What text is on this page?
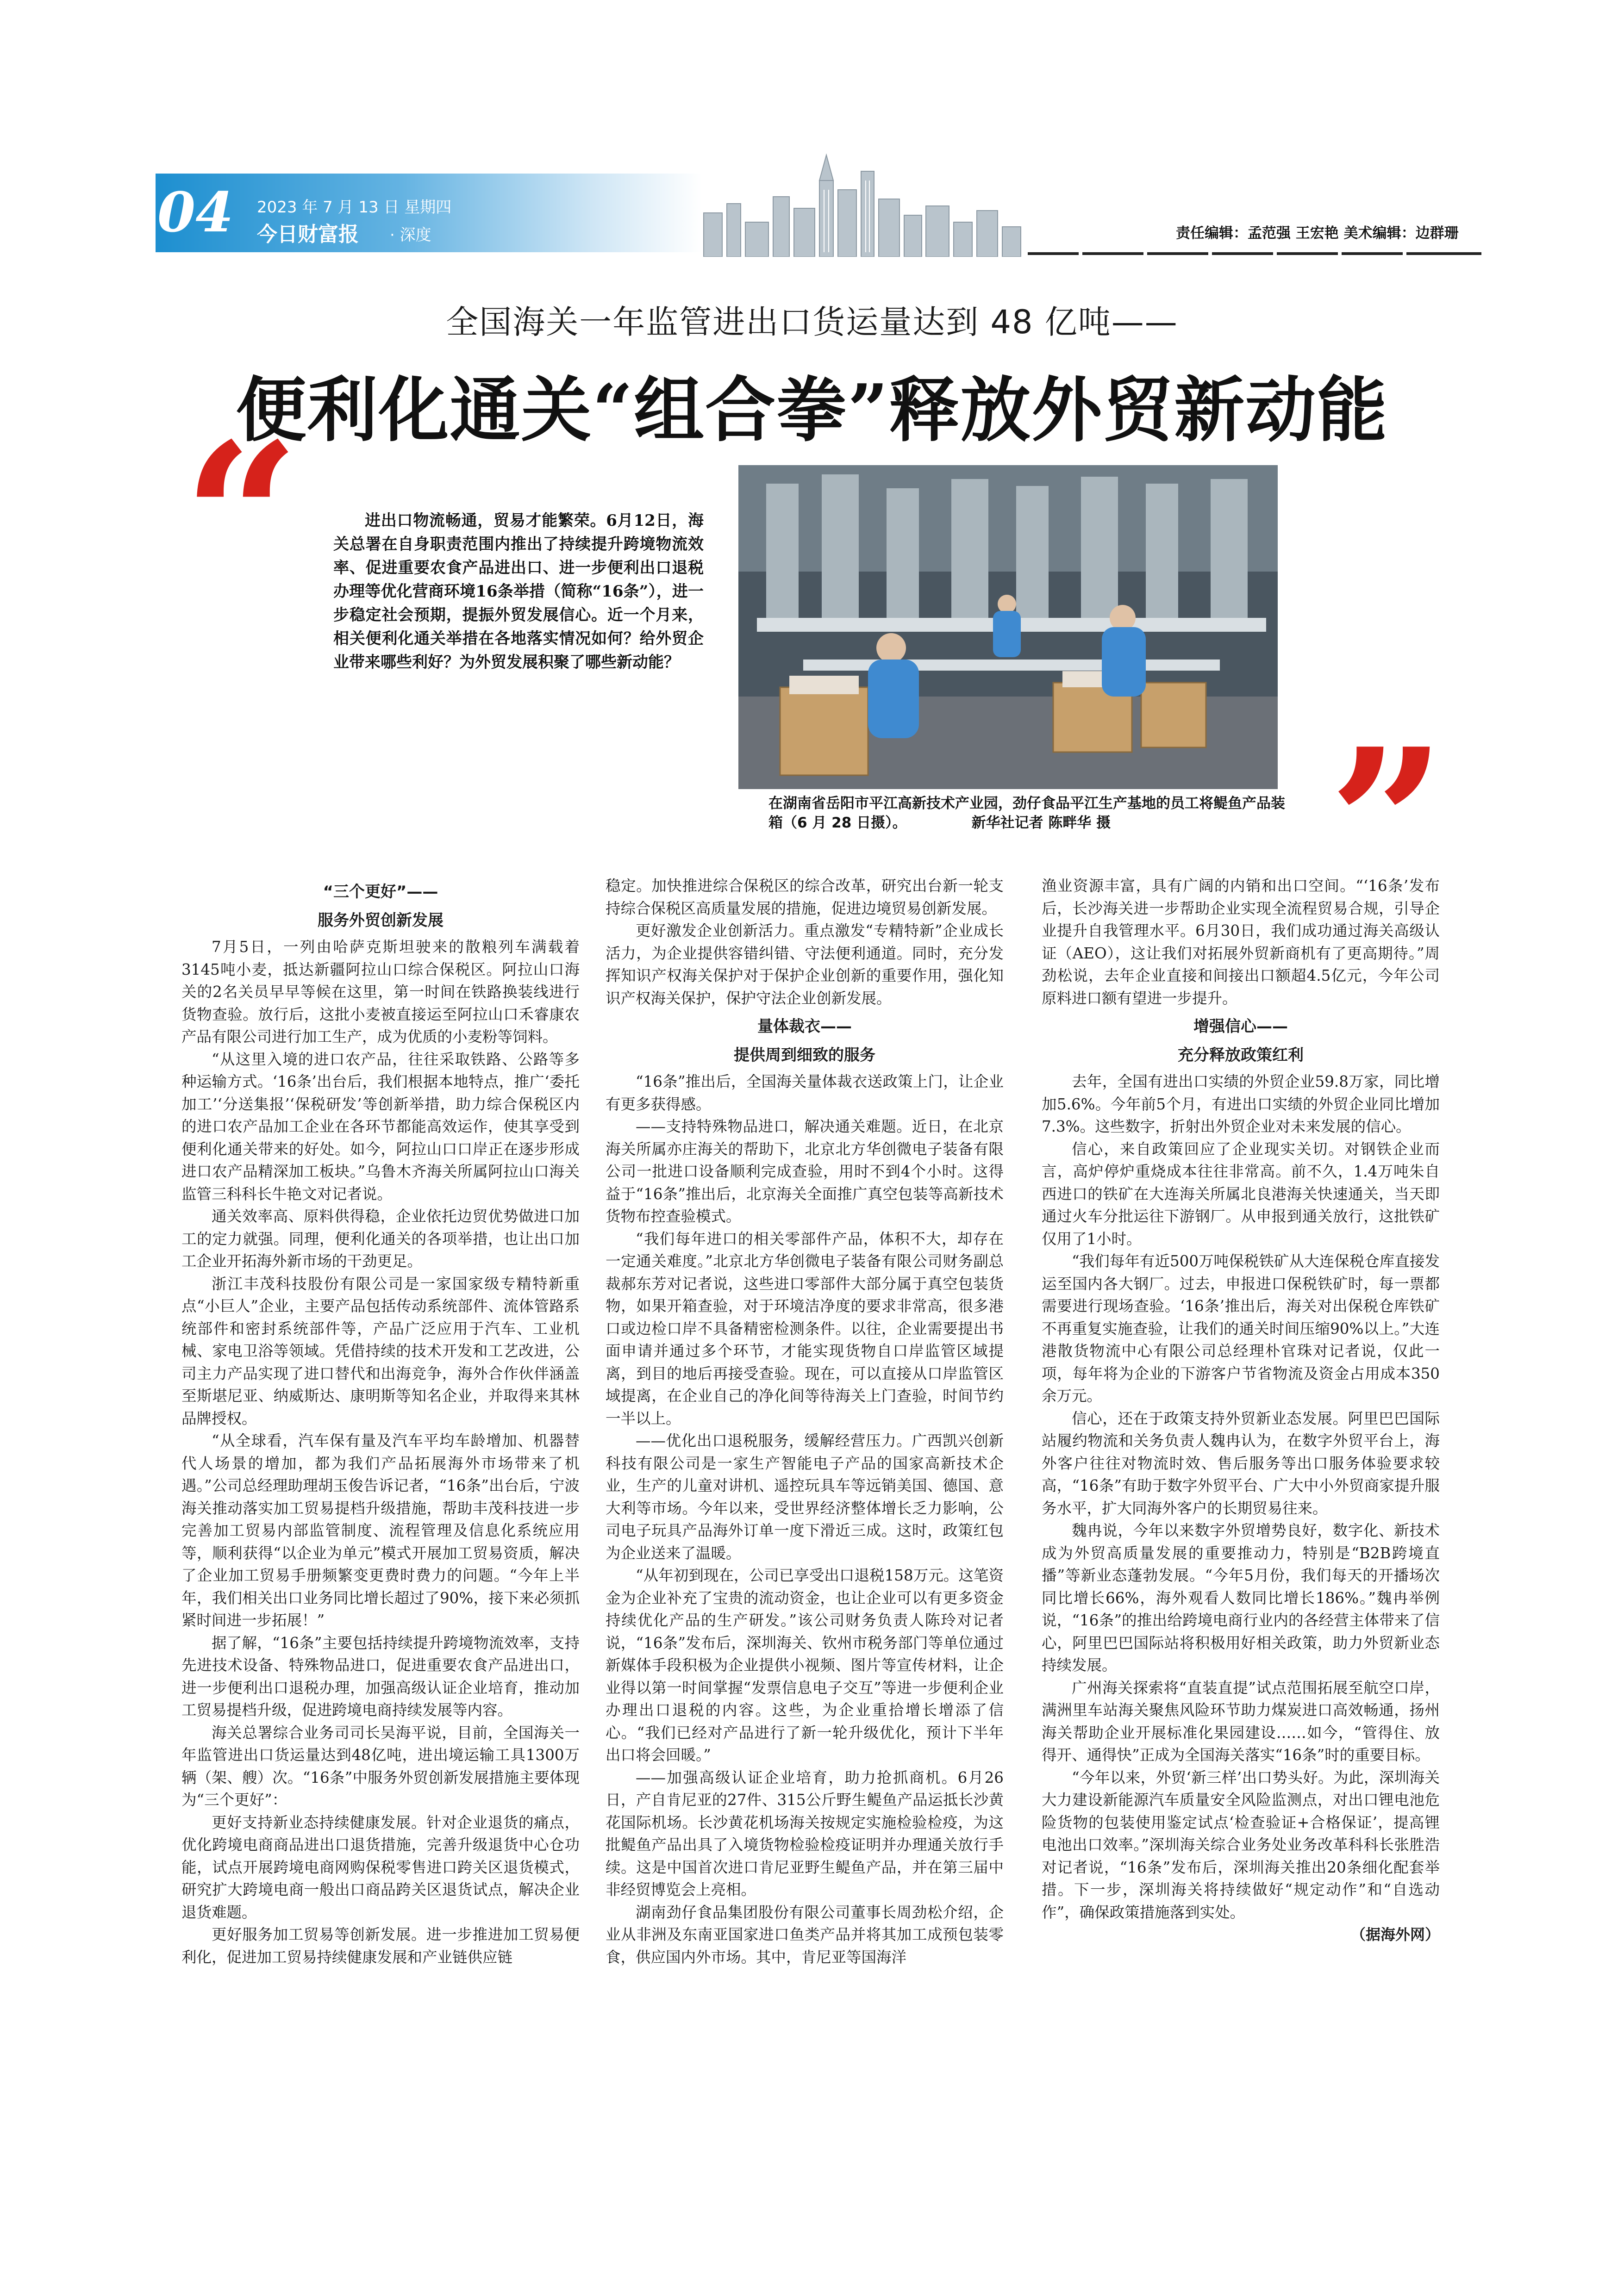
04 2023 年 7 月 13 日 星期四
今日财富报 · 深度	责任编辑：孟范强 王宏艳 美术编辑：边群珊
全国海关一年监管进出口货运量达到 48 亿吨——
便利化通关“组合拳”释放外贸新动能
“	进出口物流畅通，贸易才能繁荣。6月12日，海关总署在自身职责范围内推出了持续提升跨境物流效率、促进重要农食产品进出口、进一步便利出口退税办理等优化营商环境16条举措（简称“16条”），进一步稳定社会预期，提振外贸发展信心。近一个月来，相关便利化通关举措在各地落实情况如何？给外贸企业带来哪些利好？为外贸发展积聚了哪些新动能？
在湖南省岳阳市平江高新技术产业园，劲仔食品平江生产基地的员工将鳀鱼产品装箱（6 月 28 日摄）。	新华社记者 陈畔华 摄	”
“三个更好”——
服务外贸创新发展

7月5日，一列由哈萨克斯坦驶来的散粮列车满载着3145吨小麦，抵达新疆阿拉山口综合保税区。阿拉山口海关的2名关员早早等候在这里，第一时间在铁路换装线进行货物查验。放行后，这批小麦被直接运至阿拉山口禾睿康农产品有限公司进行加工生产，成为优质的小麦粉等饲料。

“从这里入境的进口农产品，往往采取铁路、公路等多种运输方式。‘16条’出台后，我们根据本地特点，推广‘委托加工’‘分送集报’‘保税研发’等创新举措，助力综合保税区内的进口农产品加工企业在各环节都能高效运作，使其享受到便利化通关带来的好处。如今，阿拉山口口岸正在逐步形成进口农产品精深加工板块。”乌鲁木齐海关所属阿拉山口海关监管三科科长牛艳文对记者说。

通关效率高、原料供得稳，企业依托边贸优势做进口加工的定力就强。同理，便利化通关的各项举措，也让出口加工企业开拓海外新市场的干劲更足。

浙江丰茂科技股份有限公司是一家国家级专精特新重点“小巨人”企业，主要产品包括传动系统部件、流体管路系统部件和密封系统部件等，产品广泛应用于汽车、工业机械、家电卫浴等领域。凭借持续的技术开发和工艺改进，公司主力产品实现了进口替代和出海竞争，海外合作伙伴涵盖至斯堪尼亚、纳威斯达、康明斯等知名企业，并取得来其林品牌授权。

“从全球看，汽车保有量及汽车平均车龄增加、机器替代人场景的增加，都为我们产品拓展海外市场带来了机遇。”公司总经理助理胡玉俊告诉记者，“16条”出台后，宁波海关推动落实加工贸易提档升级措施，帮助丰茂科技进一步完善加工贸易内部监管制度、流程管理及信息化系统应用等，顺利获得“以企业为单元”模式开展加工贸易资质，解决了企业加工贸易手册频繁变更费时费力的问题。“今年上半年，我们相关出口业务同比增长超过了90%，接下来必须抓紧时间进一步拓展！”

据了解，“16条”主要包括持续提升跨境物流效率，支持先进技术设备、特殊物品进口，促进重要农食产品进出口，进一步便利出口退税办理，加强高级认证企业培育，推动加工贸易提档升级，促进跨境电商持续发展等内容。

海关总署综合业务司司长吴海平说，目前，全国海关一年监管进出口货运量达到48亿吨，进出境运输工具1300万辆（架、艘）次。“16条”中服务外贸创新发展措施主要体现为“三个更好”：

更好支持新业态持续健康发展。针对企业退货的痛点，优化跨境电商商品进出口退货措施，完善升级退货中心仓功能，试点开展跨境电商网购保税零售进口跨关区退货模式，研究扩大跨境电商一般出口商品跨关区退货试点，解决企业退货难题。

更好服务加工贸易等创新发展。进一步推进加工贸易便利化，促进加工贸易持续健康发展和产业链供应链

稳定。加快推进综合保税区的综合改革，研究出台新一轮支持综合保税区高质量发展的措施，促进边境贸易创新发展。

更好激发企业创新活力。重点激发“专精特新”企业成长活力，为企业提供容错纠错、守法便利通道。同时，充分发挥知识产权海关保护对于保护企业创新的重要作用，强化知识产权海关保护，保护守法企业创新发展。

量体裁衣——
提供周到细致的服务

“16条”推出后，全国海关量体裁衣送政策上门，让企业有更多获得感。

——支持特殊物品进口，解决通关难题。近日，在北京海关所属亦庄海关的帮助下，北京北方华创微电子装备有限公司一批进口设备顺利完成查验，用时不到4个小时。这得益于“16条”推出后，北京海关全面推广真空包装等高新技术货物布控查验模式。

“我们每年进口的相关零部件产品，体积不大，却存在一定通关难度。”北京北方华创微电子装备有限公司财务副总裁郝东芳对记者说，这些进口零部件大部分属于真空包装货物，如果开箱查验，对于环境洁净度的要求非常高，很多港口或边检口岸不具备精密检测条件。以往，企业需要提出书面申请并通过多个环节，才能实现货物自口岸监管区域提离，到目的地后再接受查验。现在，可以直接从口岸监管区域提离，在企业自己的净化间等待海关上门查验，时间节约一半以上。

——优化出口退税服务，缓解经营压力。广西凯兴创新科技有限公司是一家生产智能电子产品的国家高新技术企业，生产的儿童对讲机、遥控玩具车等远销美国、德国、意大利等市场。今年以来，受世界经济整体增长乏力影响，公司电子玩具产品海外订单一度下滑近三成。这时，政策红包为企业送来了温暖。

“从年初到现在，公司已享受出口退税158万元。这笔资金为企业补充了宝贵的流动资金，也让企业可以有更多资金持续优化产品的生产研发。”该公司财务负责人陈玲对记者说，“16条”发布后，深圳海关、钦州市税务部门等单位通过新媒体手段积极为企业提供小视频、图片等宣传材料，让企业得以第一时间掌握“发票信息电子交互”等进一步便利企业办理出口退税的内容。这些，为企业重拾增长增添了信心。“我们已经对产品进行了新一轮升级优化，预计下半年出口将会回暖。”

——加强高级认证企业培育，助力抢抓商机。6月26日，产自肯尼亚的27件、315公斤野生鳀鱼产品运抵长沙黄花国际机场。长沙黄花机场海关按规定实施检验检疫，为这批鳀鱼产品出具了入境货物检验检疫证明并办理通关放行手续。这是中国首次进口肯尼亚野生鳀鱼产品，并在第三届中非经贸博览会上亮相。

湖南劲仔食品集团股份有限公司董事长周劲松介绍，企业从非洲及东南亚国家进口鱼类产品并将其加工成预包装零食，供应国内外市场。其中，肯尼亚等国海洋

渔业资源丰富，具有广阔的内销和出口空间。“‘16条’发布后，长沙海关进一步帮助企业实现全流程贸易合规，引导企业提升自我管理水平。6月30日，我们成功通过海关高级认证（AEO），这让我们对拓展外贸新商机有了更高期待。”周劲松说，去年企业直接和间接出口额超4.5亿元，今年公司原料进口额有望进一步提升。

增强信心——
充分释放政策红利

去年，全国有进出口实绩的外贸企业59.8万家，同比增加5.6%。今年前5个月，有进出口实绩的外贸企业同比增加7.3%。这些数字，折射出外贸企业对未来发展的信心。

信心，来自政策回应了企业现实关切。对钢铁企业而言，高炉停炉重烧成本往往非常高。前不久，1.4万吨朱自西进口的铁矿在大连海关所属北良港海关快速通关，当天即通过火车分批运往下游钢厂。从申报到通关放行，这批铁矿仅用了1小时。

“我们每年有近500万吨保税铁矿从大连保税仓库直接发运至国内各大钢厂。过去，申报进口保税铁矿时，每一票都需要进行现场查验。‘16条’推出后，海关对出保税仓库铁矿不再重复实施查验，让我们的通关时间压缩90%以上。”大连港散货物流中心有限公司总经理朴官珠对记者说，仅此一项，每年将为企业的下游客户节省物流及资金占用成本350余万元。

信心，还在于政策支持外贸新业态发展。阿里巴巴国际站履约物流和关务负责人魏冉认为，在数字外贸平台上，海外客户往往对物流时效、售后服务等出口服务体验要求较高，“16条”有助于数字外贸平台、广大中小外贸商家提升服务水平，扩大同海外客户的长期贸易往来。

魏冉说，今年以来数字外贸增势良好，数字化、新技术成为外贸高质量发展的重要推动力，特别是“B2B跨境直播”等新业态蓬勃发展。“今年5月份，我们每天的开播场次同比增长66%，海外观看人数同比增长186%。”魏冉举例说，“16条”的推出给跨境电商行业内的各经营主体带来了信心，阿里巴巴国际站将积极用好相关政策，助力外贸新业态持续发展。

广州海关探索将“直装直提”试点范围拓展至航空口岸，满洲里车站海关聚焦风险环节助力煤炭进口高效畅通，扬州海关帮助企业开展标准化果园建设……如今，“管得住、放得开、通得快”正成为全国海关落实“16条”时的重要目标。

“今年以来，外贸‘新三样’出口势头好。为此，深圳海关大力建设新能源汽车质量安全风险监测点，对出口锂电池危险货物的包装使用鉴定试点‘检查验证+合格保证’，提高锂电池出口效率。”深圳海关综合业务处业务改革科科长张胜浩对记者说，“16条”发布后，深圳海关推出20条细化配套举措。下一步，深圳海关将持续做好“规定动作”和“自选动作”，确保政策措施落到实处。

（据海外网）
